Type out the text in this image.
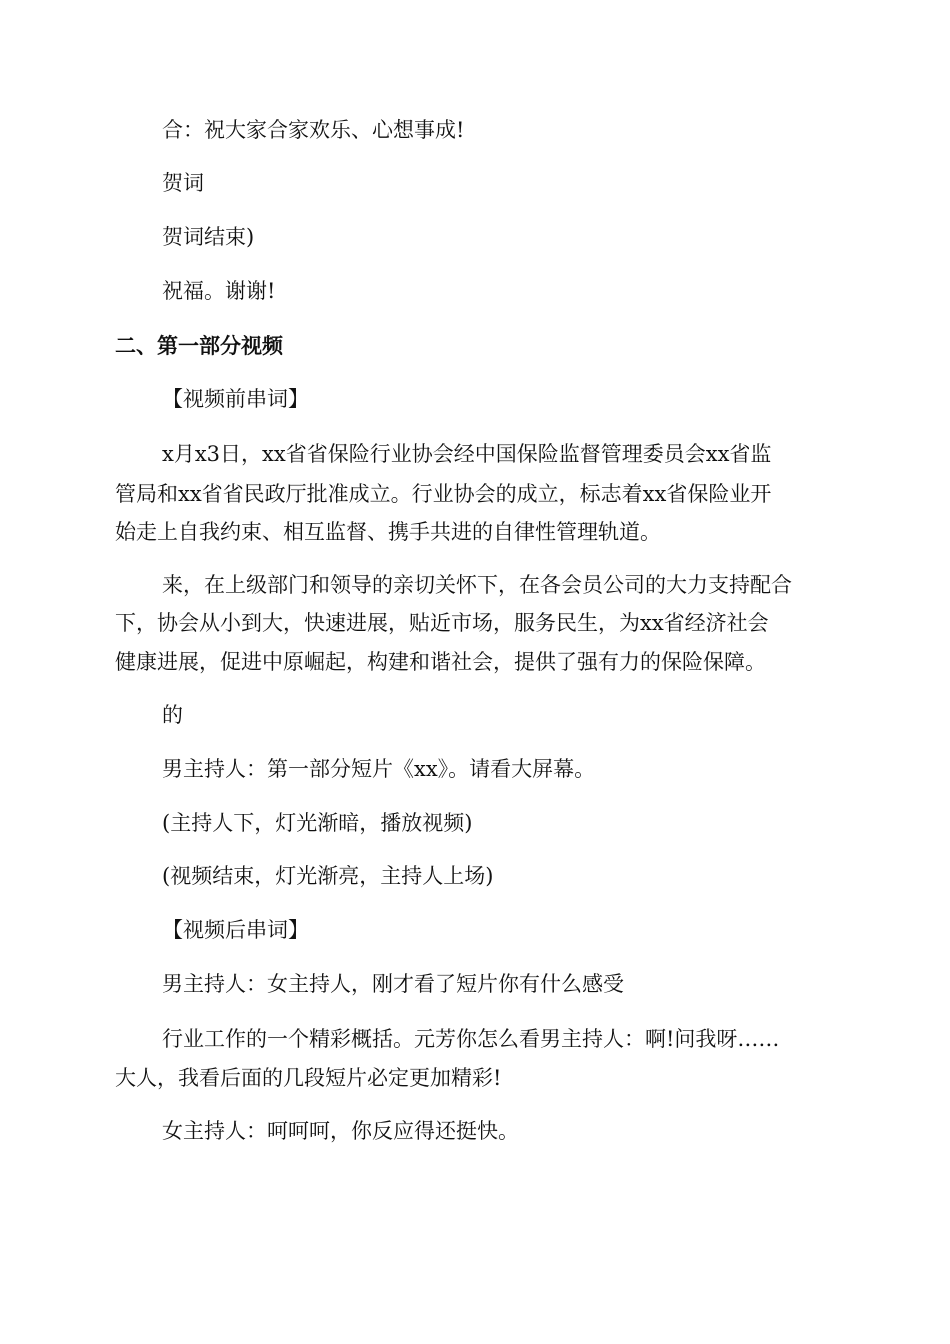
合：祝大家合家欢乐、心想事成!

贺词

贺词结束)

祝福。谢谢!

二、第一部分视频

【视频前串词】

x月x3日，xx省省保险行业协会经中国保险监督管理委员会xx省监

管局和xx省省民政厅批准成立。行业协会的成立，标志着xx省保险业开

始走上自我约束、相互监督、携手共进的自律性管理轨道。

来，在上级部门和领导的亲切关怀下，在各会员公司的大力支持配合

下，协会从小到大，快速进展，贴近市场，服务民生，为xx省经济社会

健康进展，促进中原崛起，构建和谐社会，提供了强有力的保险保障。

的

男主持人：第一部分短片《xx》。请看大屏幕。

(主持人下，灯光渐暗，播放视频)

(视频结束，灯光渐亮，主持人上场)

【视频后串词】

男主持人：女主持人，刚才看了短片你有什么感受

行业工作的一个精彩概括。元芳你怎么看男主持人：啊!问我呀……

大人，我看后面的几段短片必定更加精彩!

女主持人：呵呵呵，你反应得还挺快。
